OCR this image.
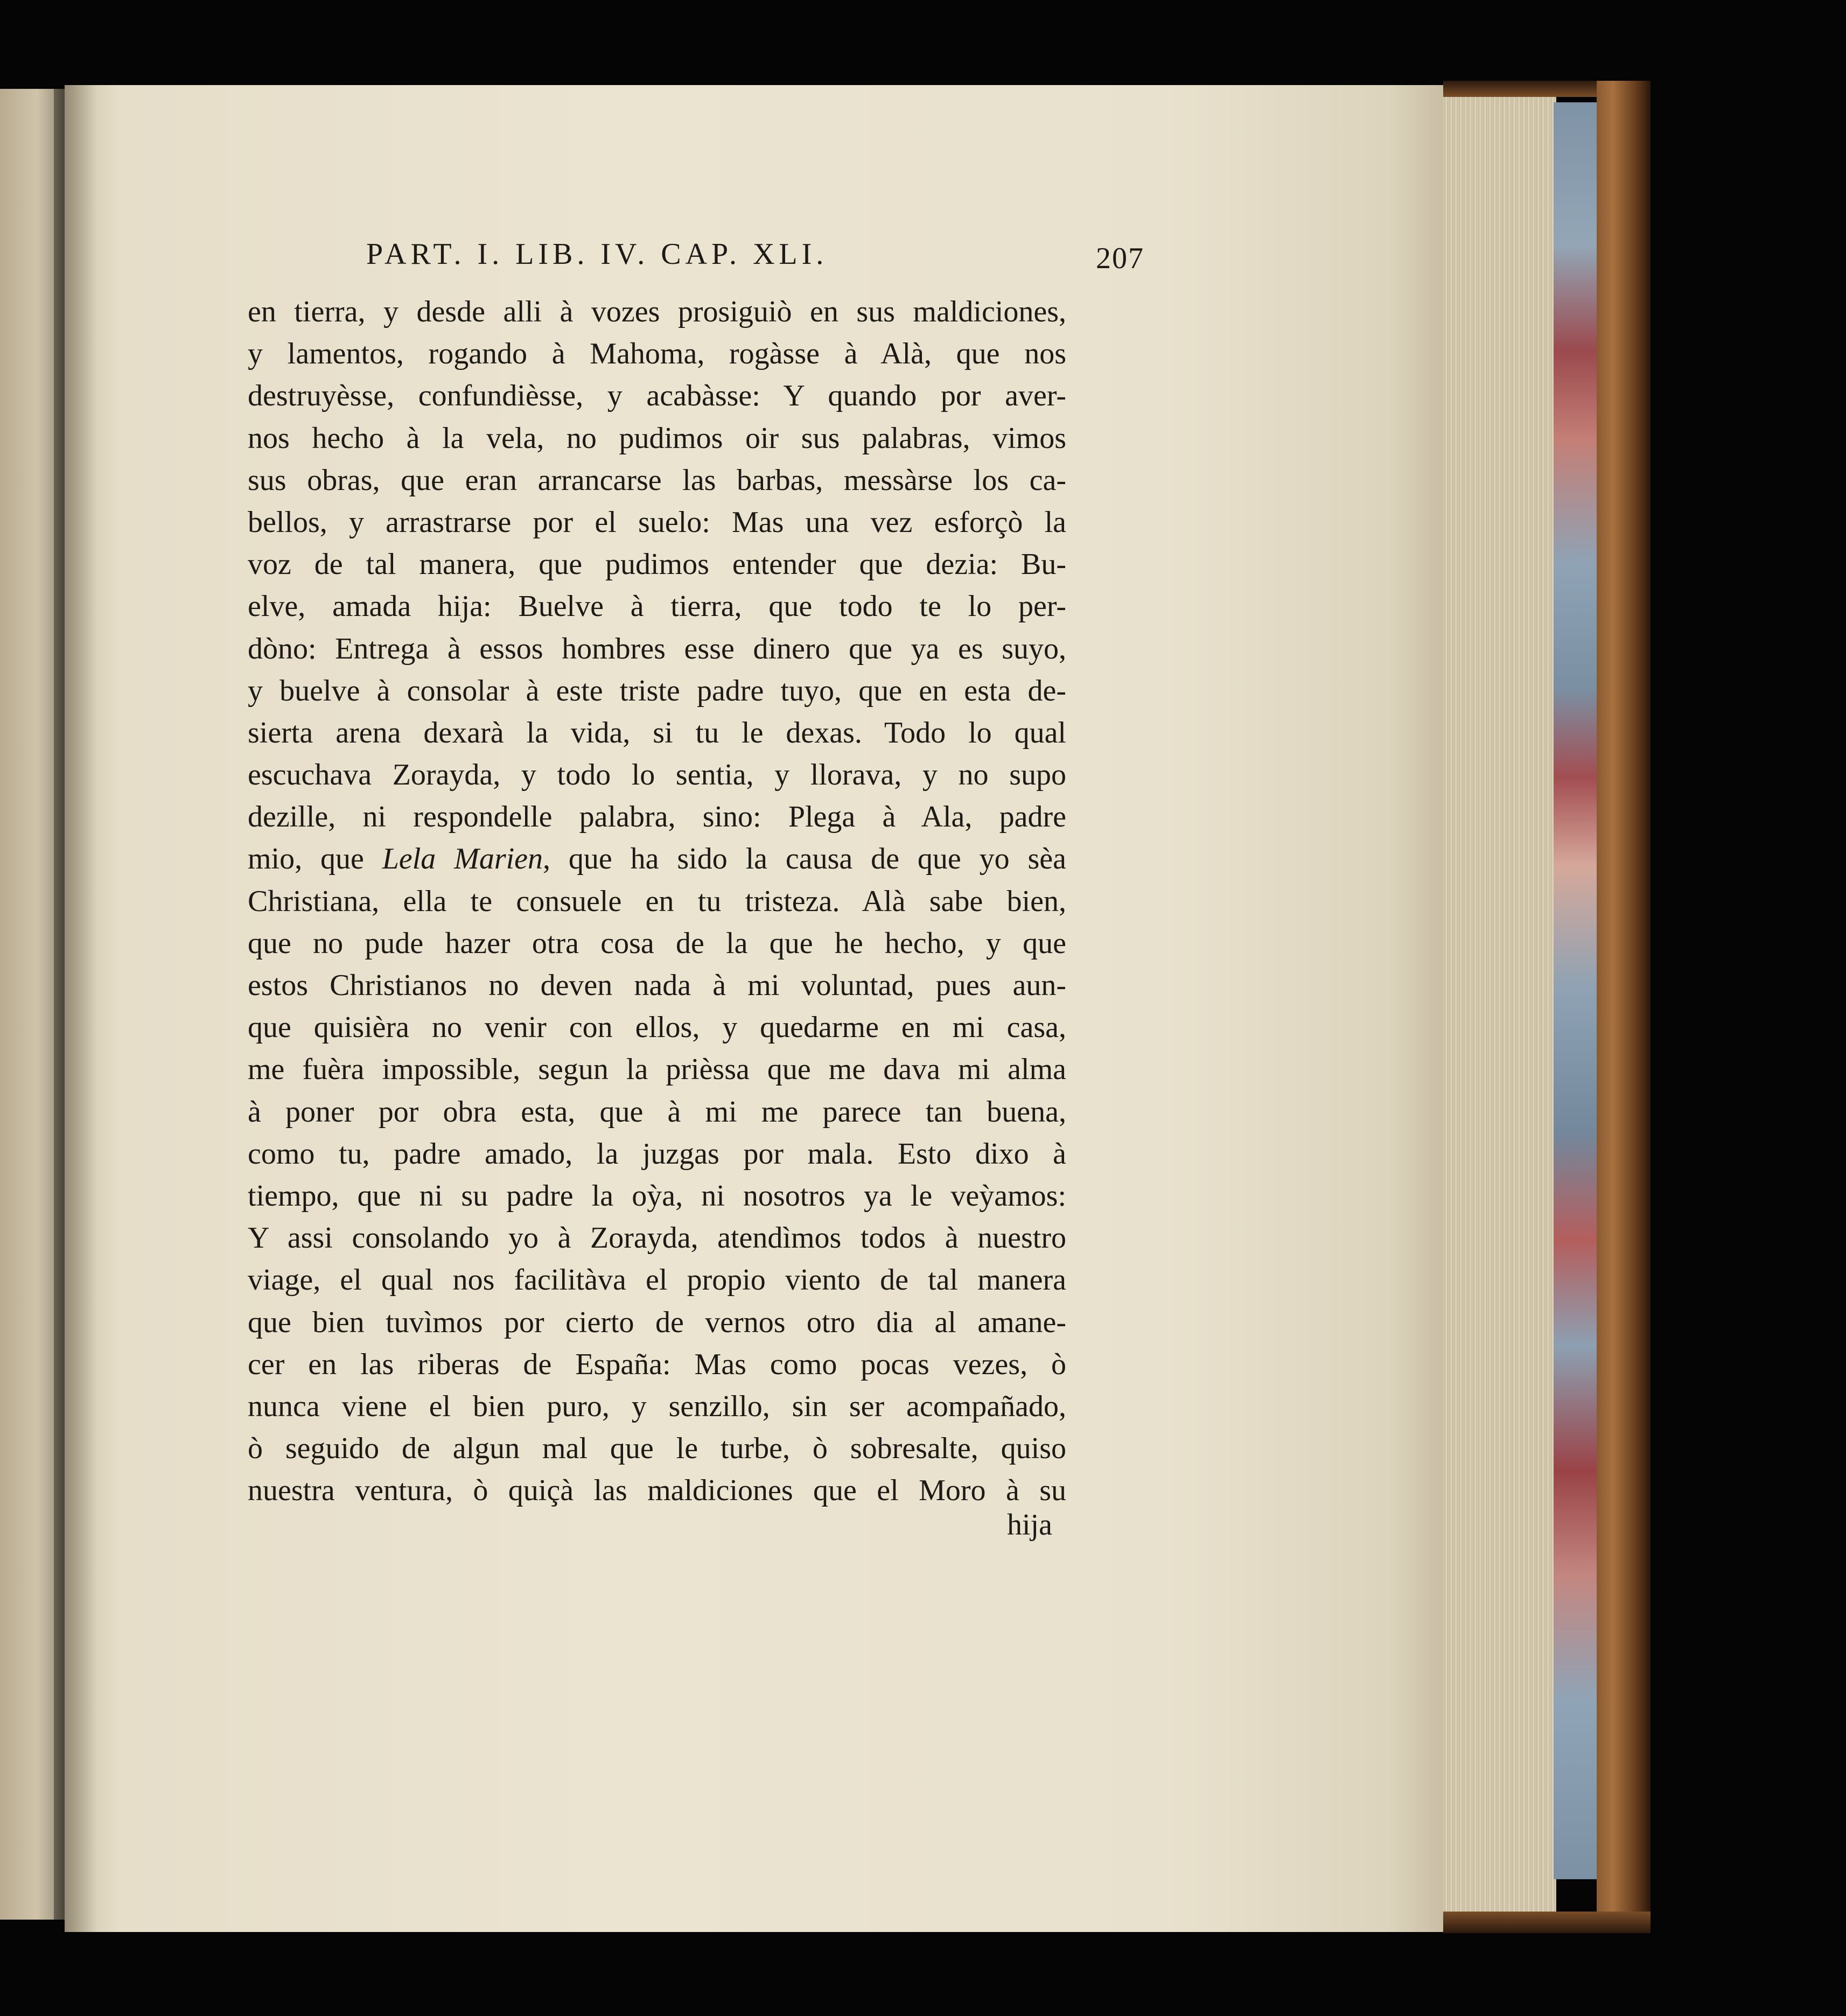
PART. I. LIB. IV. CAP. XLI.	207
en tierra, y desde alli à vozes prosiguiò en sus maldiciones,
y lamentos, rogando à Mahoma, rogàsse à Alà, que nos
destruyèsse, confundièsse, y acabàsse: Y quando por aver-
nos hecho à la vela, no pudimos oir sus palabras, vimos
sus obras, que eran arrancarse las barbas, messàrse los ca-
bellos, y arrastrarse por el suelo: Mas una vez esforçò la
voz de tal manera, que pudimos entender que dezia: Bu-
elve, amada hija: Buelve à tierra, que todo te lo per-
dòno: Entrega à essos hombres esse dinero que ya es suyo,
y buelve à consolar à este triste padre tuyo, que en esta de-
sierta arena dexarà la vida, si tu le dexas. Todo lo qual
escuchava Zorayda, y todo lo sentia, y llorava, y no supo
dezille, ni respondelle palabra, sino: Plega à Ala, padre
mio, que Lela Marien, que ha sido la causa de que yo sèa
Christiana, ella te consuele en tu tristeza. Alà sabe bien,
que no pude hazer otra cosa de la que he hecho, y que
estos Christianos no deven nada à mi voluntad, pues aun-
que quisièra no venir con ellos, y quedarme en mi casa,
me fuèra impossible, segun la prièssa que me dava mi alma
à poner por obra esta, que à mi me parece tan buena,
como tu, padre amado, la juzgas por mala. Esto dixo à
tiempo, que ni su padre la oỳa, ni nosotros ya le veỳamos:
Y assi consolando yo à Zorayda, atendìmos todos à nuestro
viage, el qual nos facilitàva el propio viento de tal manera
que bien tuvìmos por cierto de vernos otro dia al amane-
cer en las riberas de España: Mas como pocas vezes, ò
nunca viene el bien puro, y senzillo, sin ser acompañado,
ò seguido de algun mal que le turbe, ò sobresalte, quiso
nuestra ventura, ò quiçà las maldiciones que el Moro à su
hija
